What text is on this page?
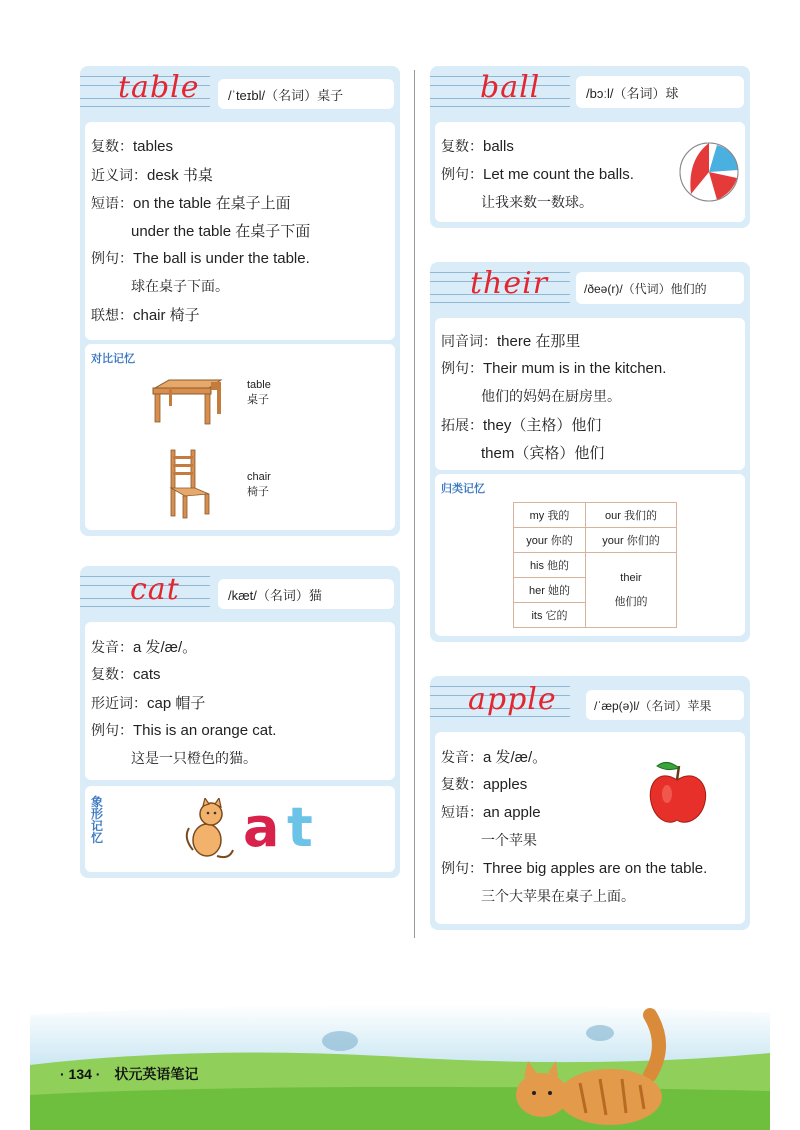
table	/ˈteɪbl/（名词）桌子
复数：tables
近义词：desk 书桌
短语：on the table 在桌子上面
under the table 在桌子下面
例句：The ball is under the table.
球在桌子下面。
联想：chair 椅子
对比记忆
table
桌子
chair
椅子
cat	/kæt/（名词）猫
发音：a 发/æ/。
复数：cats
形近词：cap 帽子
例句：This is an orange cat.
这是一只橙色的猫。
象
形
记
忆	a t
ball	/bɔːl/（名词）球
复数：balls
例句：Let me count the balls.
让我来数一数球。
their	/ðeə(r)/（代词）他们的
同音词：there 在那里
例句：Their mum is in the kitchen.
他们的妈妈在厨房里。
拓展：they（主格）他们
them（宾格）他们
归类记忆
my 我的	our 我们的
your 你的	your 你们的
his 他的	their
他们的
her 她的	
its 它的	
apple	/ˈæp(ə)l/（名词）苹果
发音：a 发/æ/。
复数：apples
短语：an apple
一个苹果
例句：Three big apples are on the table.
三个大苹果在桌子上面。
· 134 · 状元英语笔记
